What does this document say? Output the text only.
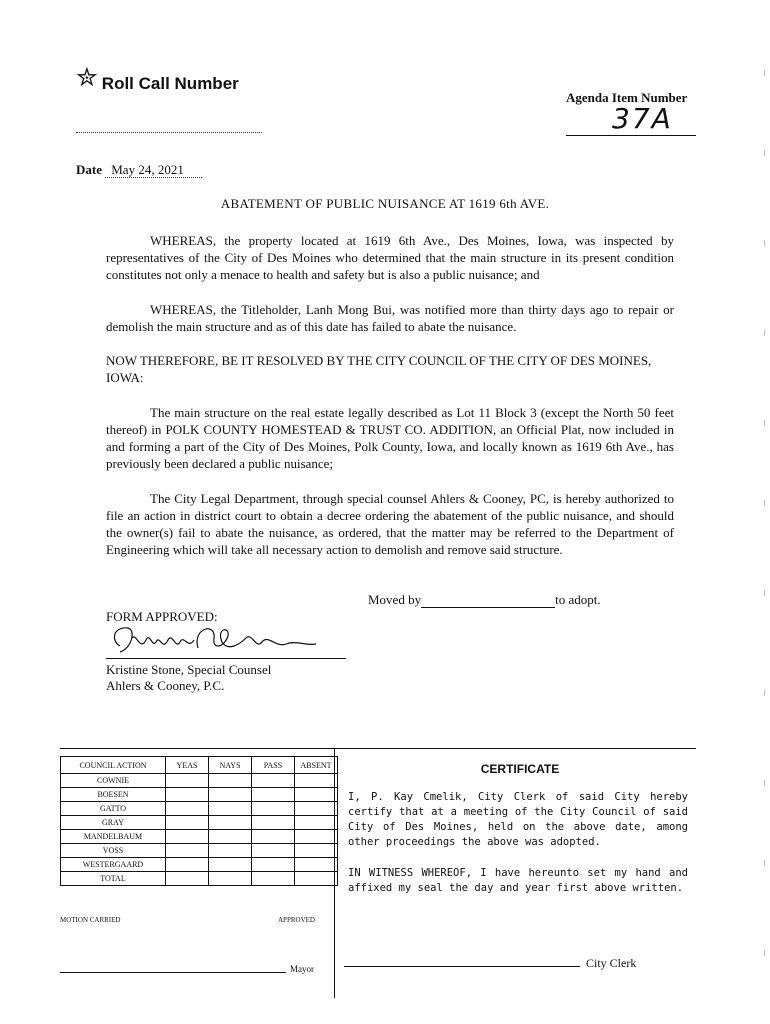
✮ Roll Call Number
Agenda Item Number
37A
Date May 24, 2021
ABATEMENT OF PUBLIC NUISANCE AT 1619 6th AVE.

WHEREAS, the property located at 1619 6th Ave., Des Moines, Iowa, was inspected by representatives of the City of Des Moines who determined that the main structure in its present condition constitutes not only a menace to health and safety but is also a public nuisance; and

WHEREAS, the Titleholder, Lanh Mong Bui, was notified more than thirty days ago to repair or demolish the main structure and as of this date has failed to abate the nuisance.

NOW THEREFORE, BE IT RESOLVED BY THE CITY COUNCIL OF THE CITY OF DES MOINES, IOWA:

The main structure on the real estate legally described as Lot 11 Block 3 (except the North 50 feet thereof) in POLK COUNTY HOMESTEAD & TRUST CO. ADDITION, an Official Plat, now included in and forming a part of the City of Des Moines, Polk County, Iowa, and locally known as 1619 6th Ave., has previously been declared a public nuisance;

The City Legal Department, through special counsel Ahlers & Cooney, PC, is hereby authorized to file an action in district court to obtain a decree ordering the abatement of the public nuisance, and should the owner(s) fail to abate the nuisance, as ordered, that the matter may be referred to the Department of Engineering which will take all necessary action to demolish and remove said structure.

Moved by	to adopt.
FORM APPROVED:
Kristine Stone, Special Counsel
Ahlers & Cooney, P.C.
COUNCIL ACTION	YEAS	NAYS	PASS	ABSENT
COWNIE				
BOESEN				
GATTO				
GRAY				
MANDELBAUM				
VOSS				
WESTERGAARD				
TOTAL				
MOTION CARRIED	APPROVED
Mayor
CERTIFICATE

I, P. Kay Cmelik, City Clerk of said City hereby certify that at a meeting of the City Council of said City of Des Moines, held on the above date, among other proceedings the above was adopted.

IN WITNESS WHEREOF, I have hereunto set my hand and affixed my seal the day and year first above written.

City Clerk
